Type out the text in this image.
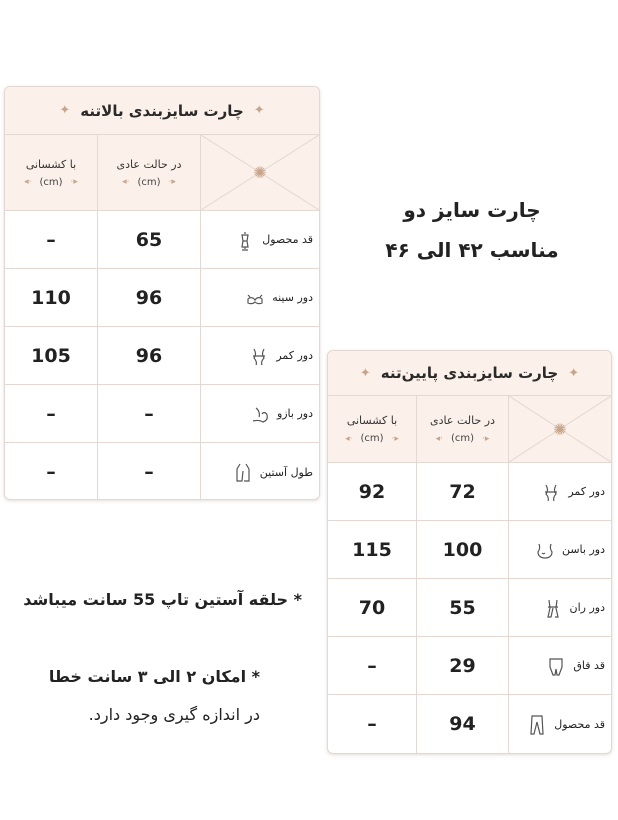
✦
چارت سایزبندی بالاتنه
✦
با کشسانی
◂· (cm) ·▸
در حالت عادی
◂· (cm) ·▸	✺
–	65	قد محصول
110	96	دور سینه
105	96	دور کمر
–	–	دور بازو
–	–	طول آستین
چارت سایز دو
مناسب ۴۲ الی ۴۶
✦
چارت سایزبندی پایین‌تنه
✦
با کشسانی
◂· (cm) ·▸
در حالت عادی
◂· (cm) ·▸	✺
92	72	دور کمر
115	100	دور باسن
70	55	دور ران
–	29	قد فاق
–	94	قد محصول
* حلقه آستین تاپ 55 سانت میباشد
* امکان ۲ الی ۳ سانت خطا
در اندازه گیری وجود دارد.
